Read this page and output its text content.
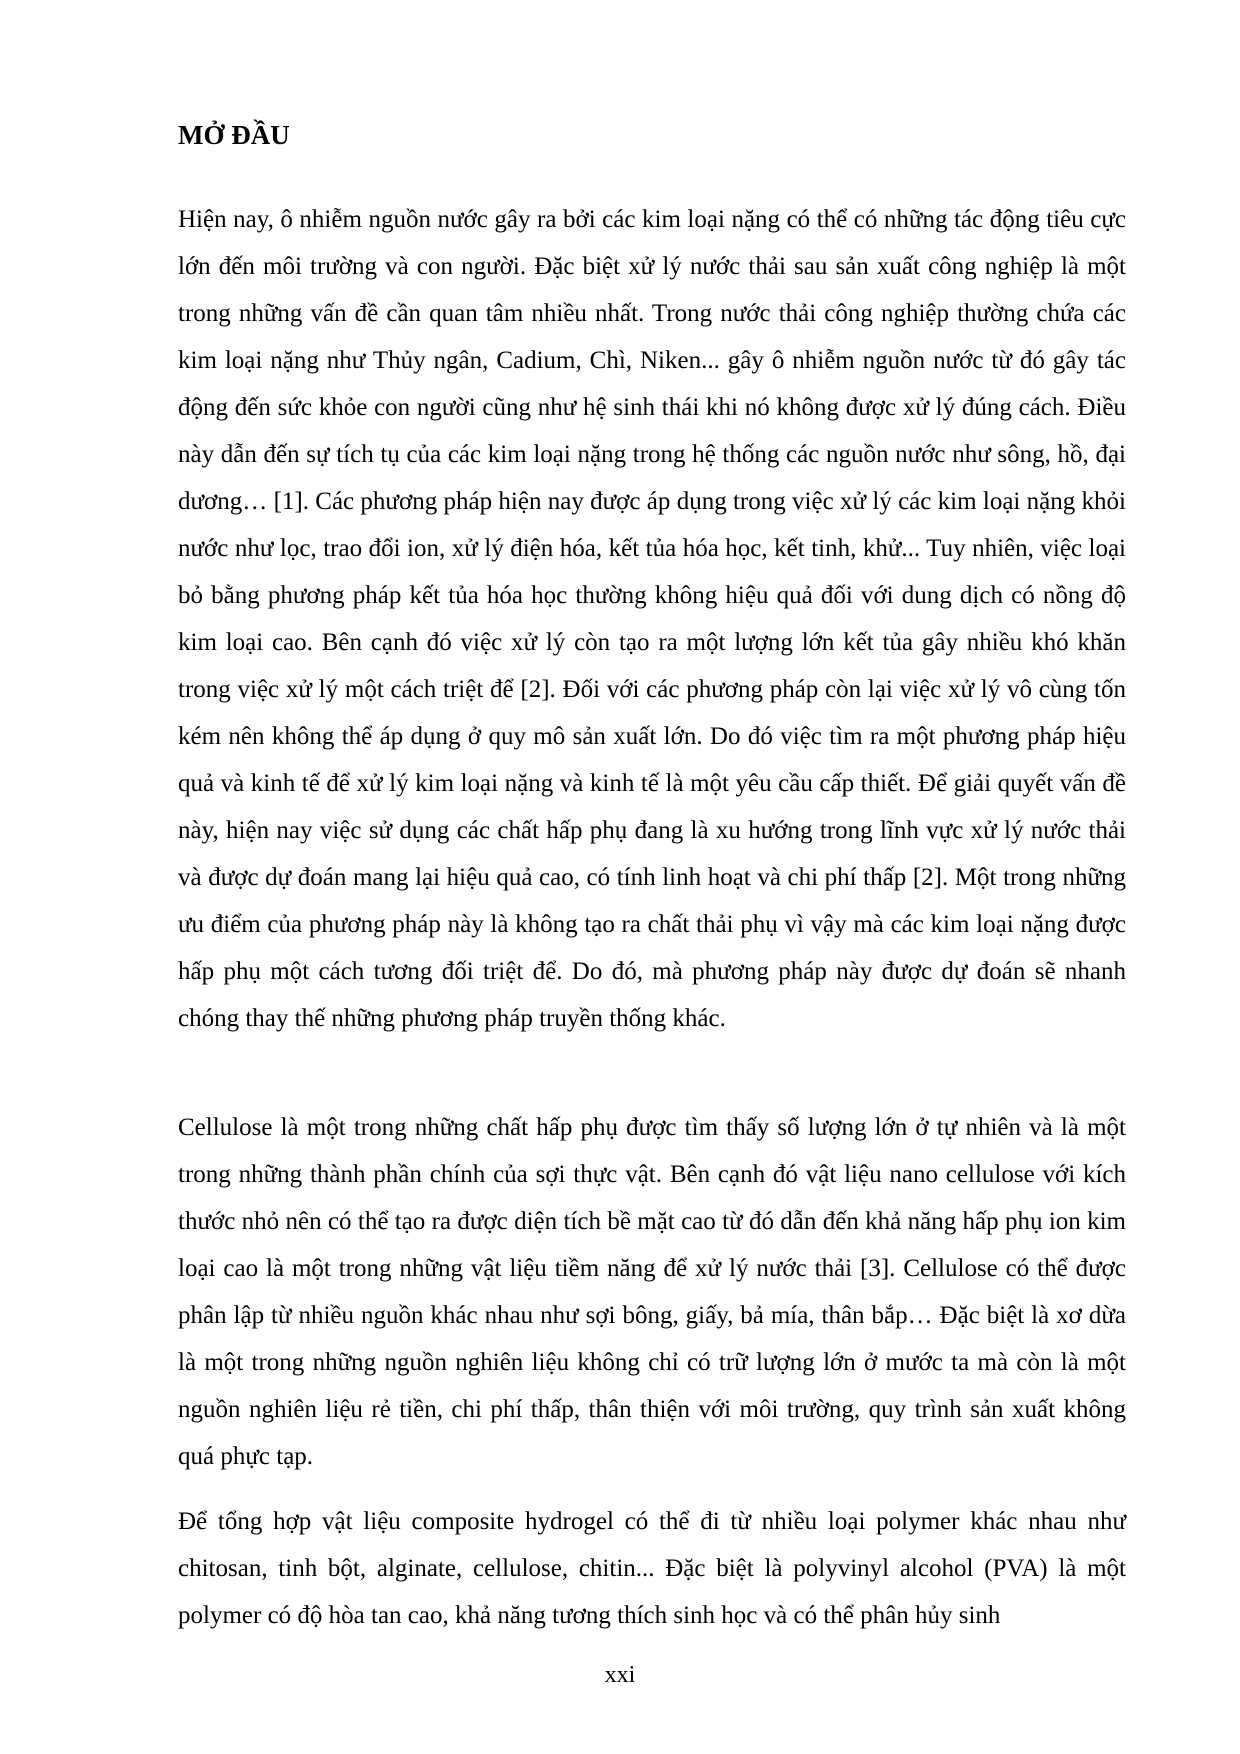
MỞ ĐẦU

Hiện nay, ô nhiễm nguồn nước gây ra bởi các kim loại nặng có thể có những tác động tiêu cực lớn đến môi trường và con người. Đặc biệt xử lý nước thải sau sản xuất công nghiệp là một trong những vấn đề cần quan tâm nhiều nhất. Trong nước thải công nghiệp thường chứa các kim loại nặng như Thủy ngân, Cadium, Chì, Niken... gây ô nhiễm nguồn nước từ đó gây tác động đến sức khỏe con người cũng như hệ sinh thái khi nó không được xử lý đúng cách. Điều này dẫn đến sự tích tụ của các kim loại nặng trong hệ thống các nguồn nước như sông, hồ, đại dương… [1]. Các phương pháp hiện nay được áp dụng trong việc xử lý các kim loại nặng khỏi nước như lọc, trao đổi ion, xử lý điện hóa, kết tủa hóa học, kết tinh, khử... Tuy nhiên, việc loại bỏ bằng phương pháp kết tủa hóa học thường không hiệu quả đối với dung dịch có nồng độ kim loại cao. Bên cạnh đó việc xử lý còn tạo ra một lượng lớn kết tủa gây nhiều khó khăn trong việc xử lý một cách triệt để [2]. Đối với các phương pháp còn lại việc xử lý vô cùng tốn kém nên không thể áp dụng ở quy mô sản xuất lớn. Do đó việc tìm ra một phương pháp hiệu quả và kinh tế để xử lý kim loại nặng và kinh tế là một yêu cầu cấp thiết. Để giải quyết vấn đề này, hiện nay việc sử dụng các chất hấp phụ đang là xu hướng trong lĩnh vực xử lý nước thải và được dự đoán mang lại hiệu quả cao, có tính linh hoạt và chi phí thấp [2]. Một trong những ưu điểm của phương pháp này là không tạo ra chất thải phụ vì vậy mà các kim loại nặng được hấp phụ một cách tương đối triệt để. Do đó, mà phương pháp này được dự đoán sẽ nhanh chóng thay thế những phương pháp truyền thống khác.

Cellulose là một trong những chất hấp phụ được tìm thấy số lượng lớn ở tự nhiên và là một trong những thành phần chính của sợi thực vật. Bên cạnh đó vật liệu nano cellulose với kích thước nhỏ nên có thể tạo ra được diện tích bề mặt cao từ đó dẫn đến khả năng hấp phụ ion kim loại cao là một trong những vật liệu tiềm năng để xử lý nước thải [3]. Cellulose có thể được phân lập từ nhiều nguồn khác nhau như sợi bông, giấy, bả mía, thân bắp… Đặc biệt là xơ dừa là một trong những nguồn nghiên liệu không chỉ có trữ lượng lớn ở mước ta mà còn là một nguồn nghiên liệu rẻ tiền, chi phí thấp, thân thiện với môi trường, quy trình sản xuất không quá phực tạp.

Để tổng hợp vật liệu composite hydrogel có thể đi từ nhiều loại polymer khác nhau như chitosan, tinh bột, alginate, cellulose, chitin... Đặc biệt là polyvinyl alcohol (PVA) là một polymer có độ hòa tan cao, khả năng tương thích sinh học và có thể phân hủy sinh

xxi
